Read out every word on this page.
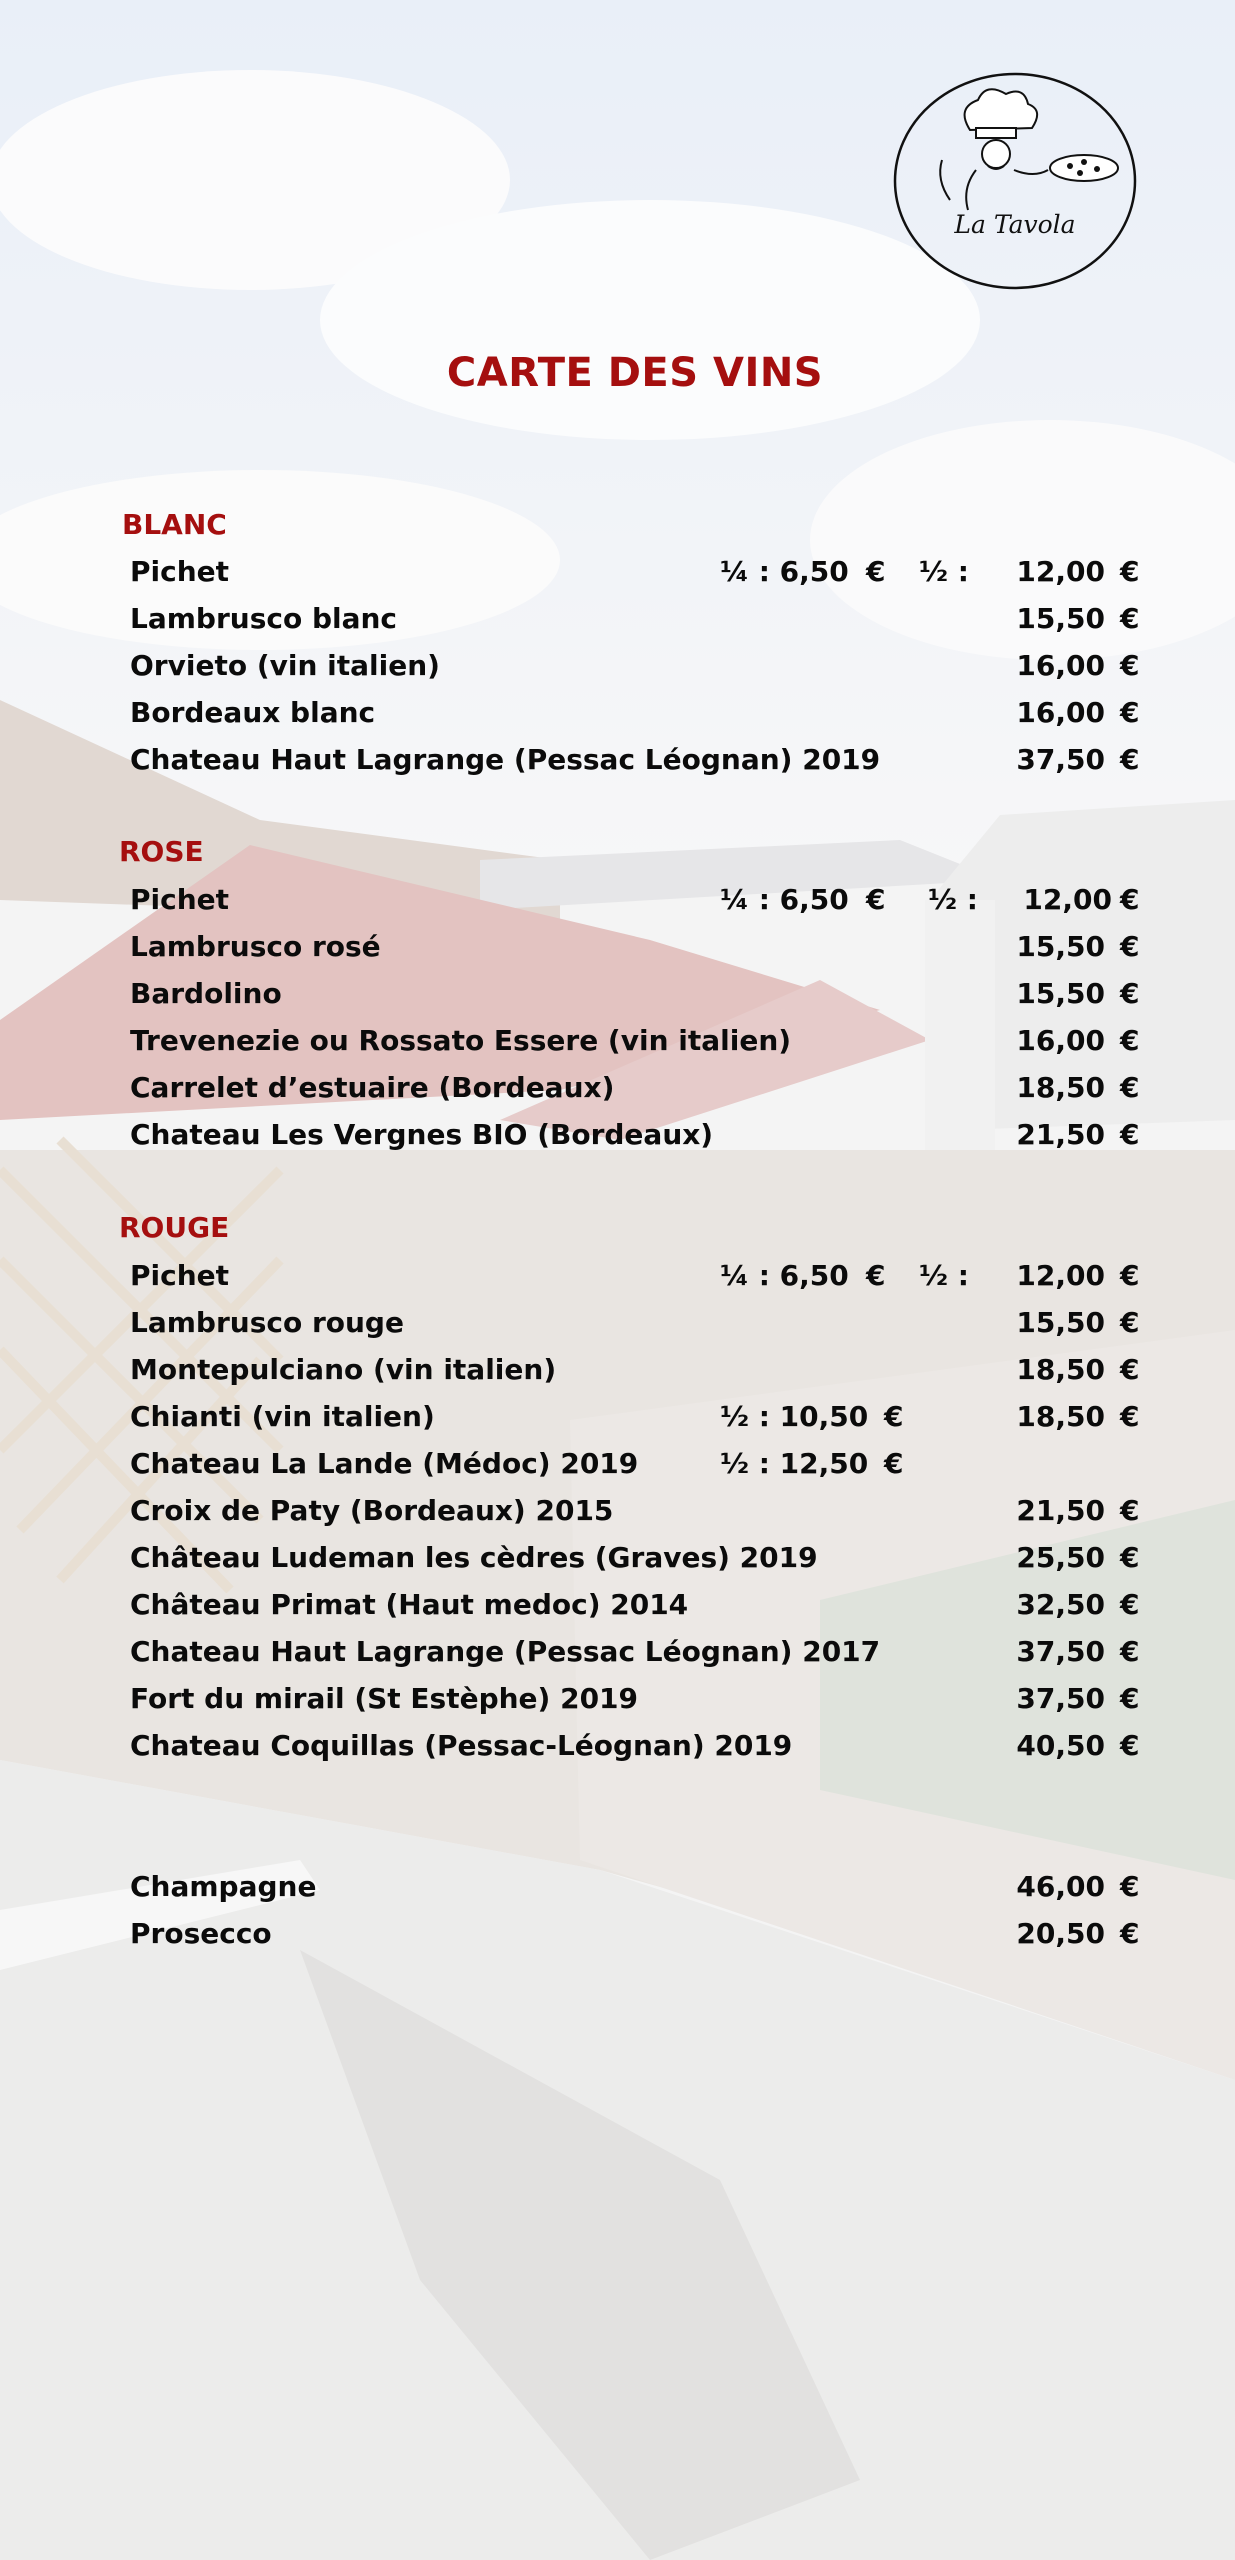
La Tavola
CARTE DES VINS
BLANC
Pichet	¼ : 6,50 € ½ :	12,00 €
Lambrusco blanc	15,50 €
Orvieto (vin italien)	16,00 €
Bordeaux blanc	16,00 €
Chateau Haut Lagrange (Pessac Léognan) 2019	37,50 €
ROSE
Pichet	¼ : 6,50 € ½ :	12,00 €
Lambrusco rosé	15,50 €
Bardolino	15,50 €
Trevenezie ou Rossato Essere (vin italien)	16,00 €
Carrelet d’estuaire (Bordeaux)	18,50 €
Chateau Les Vergnes BIO (Bordeaux)	21,50 €
ROUGE
Pichet	¼ : 6,50 € ½ :	12,00 €
Lambrusco rouge	15,50 €
Montepulciano (vin italien)	18,50 €
Chianti (vin italien)	½ : 10,50 €	18,50 €
Chateau La Lande (Médoc) 2019	½ : 12,50 €
Croix de Paty (Bordeaux) 2015	21,50 €
Château Ludeman les cèdres (Graves) 2019	25,50 €
Château Primat (Haut medoc) 2014	32,50 €
Chateau Haut Lagrange (Pessac Léognan) 2017	37,50 €
Fort du mirail (St Estèphe) 2019	37,50 €
Chateau Coquillas (Pessac-Léognan) 2019	40,50 €
Champagne	46,00 €
Prosecco	20,50 €
